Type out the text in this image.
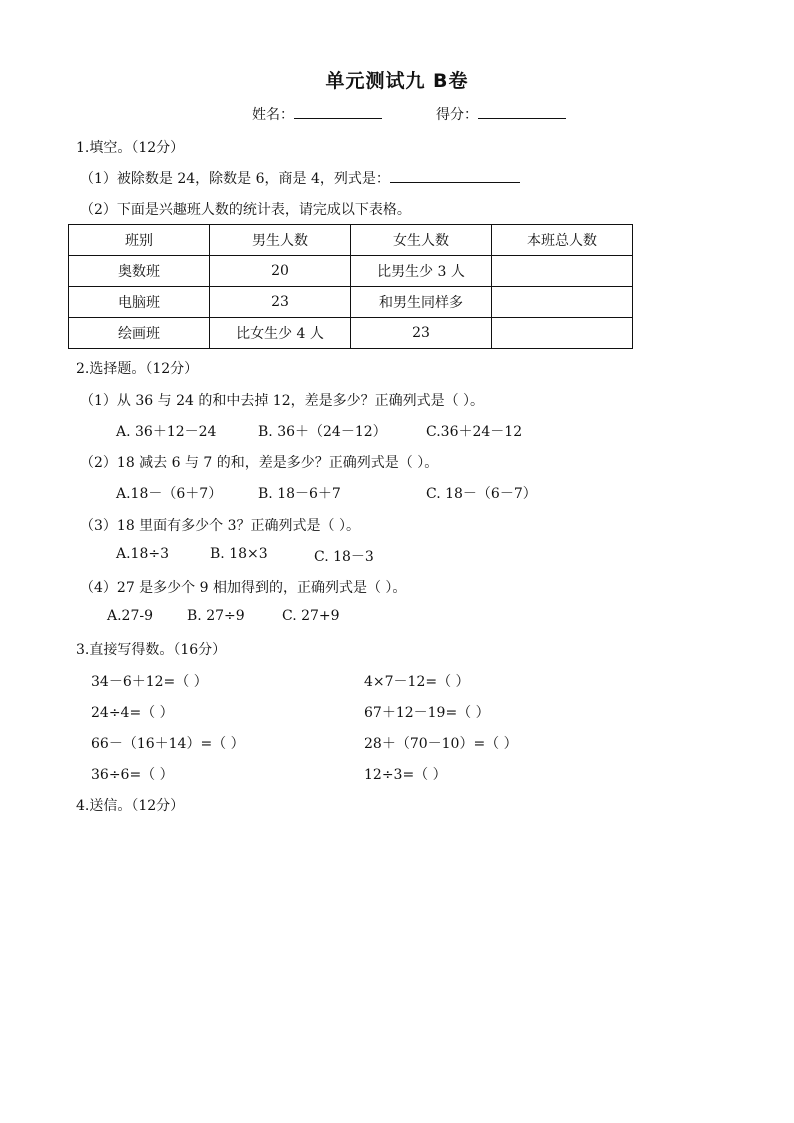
单元测试九 B卷
姓名：	得分：
1.填空。（12分）
（1）被除数是 24，除数是 6，商是 4，列式是：
（2）下面是兴趣班人数的统计表，请完成以下表格。
班别	男生人数	女生人数	本班总人数
奥数班	20	比男生少 3 人	
电脑班	23	和男生同样多	
绘画班	比女生少 4 人	23	
2.选择题。（12分）
（1）从 36 与 24 的和中去掉 12，差是多少？正确列式是（ ）。
A. 36＋12－24	B. 36＋（24－12）	C.36＋24－12
（2）18 减去 6 与 7 的和，差是多少？正确列式是（ ）。
A.18－（6＋7）	B. 18－6＋7	C. 18－（6－7）
（3）18 里面有多少个 3？正确列式是（ ）。
A.18÷3	B. 18×3	C. 18－3
（4）27 是多少个 9 相加得到的，正确列式是（ ）。
A.27-9 B. 27÷9	C. 27+9
3.直接写得数。（16分）
34－6＋12=（ ）
24÷4=（ ）
66－（16＋14）=（ ）
36÷6=（ ）
4×7－12=（ ）
67＋12－19=（ ）
28＋（70－10）=（ ）
12÷3=（ ）
4.送信。（12分）
